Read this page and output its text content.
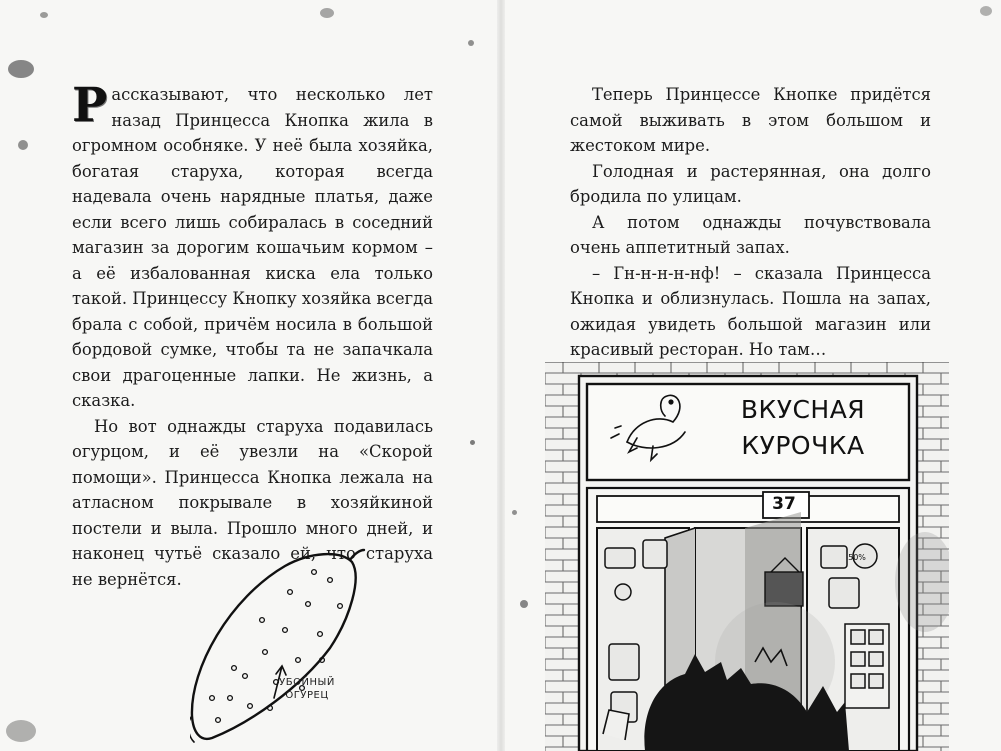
Рассказывают, что несколько лет назад Принцесса Кнопка жила в огромном особняке. У неё была хозяйка, богатая старуха, которая всегда надевала очень нарядные платья, даже если всего лишь собиралась в соседний магазин за дорогим кошачьим кормом – а её избалованная киска ела только такой. Принцессу Кнопку хозяйка всегда брала с собой, причём носила в большой бордовой сумке, чтобы та не запачкала свои драгоценные лапки. Не жизнь, а сказка.

Но вот однажды старуха подавилась огурцом, и её увезли на «Скорой помощи». Принцесса Кнопка лежала на атласном покрывале в хозяйкиной постели и выла. Прошло много дней, и наконец чутьё сказало ей, что старуха не вернётся.

УБОЙНЫЙ
ОГУРЕЦ

Теперь Принцессе Кнопке придётся самой выживать в этом большом и жестоком мире.

Голодная и растерянная, она долго бродила по улицам.

А потом однажды почувствовала очень аппетитный запах.

– Гн-н-н-н-нф! – сказала Принцесса Кнопка и облизнулась. Пошла на запах, ожидая увидеть большой магазин или красивый ресторан. Но там…

50%
ВКУСНАЯ
КУРОЧКА
37
